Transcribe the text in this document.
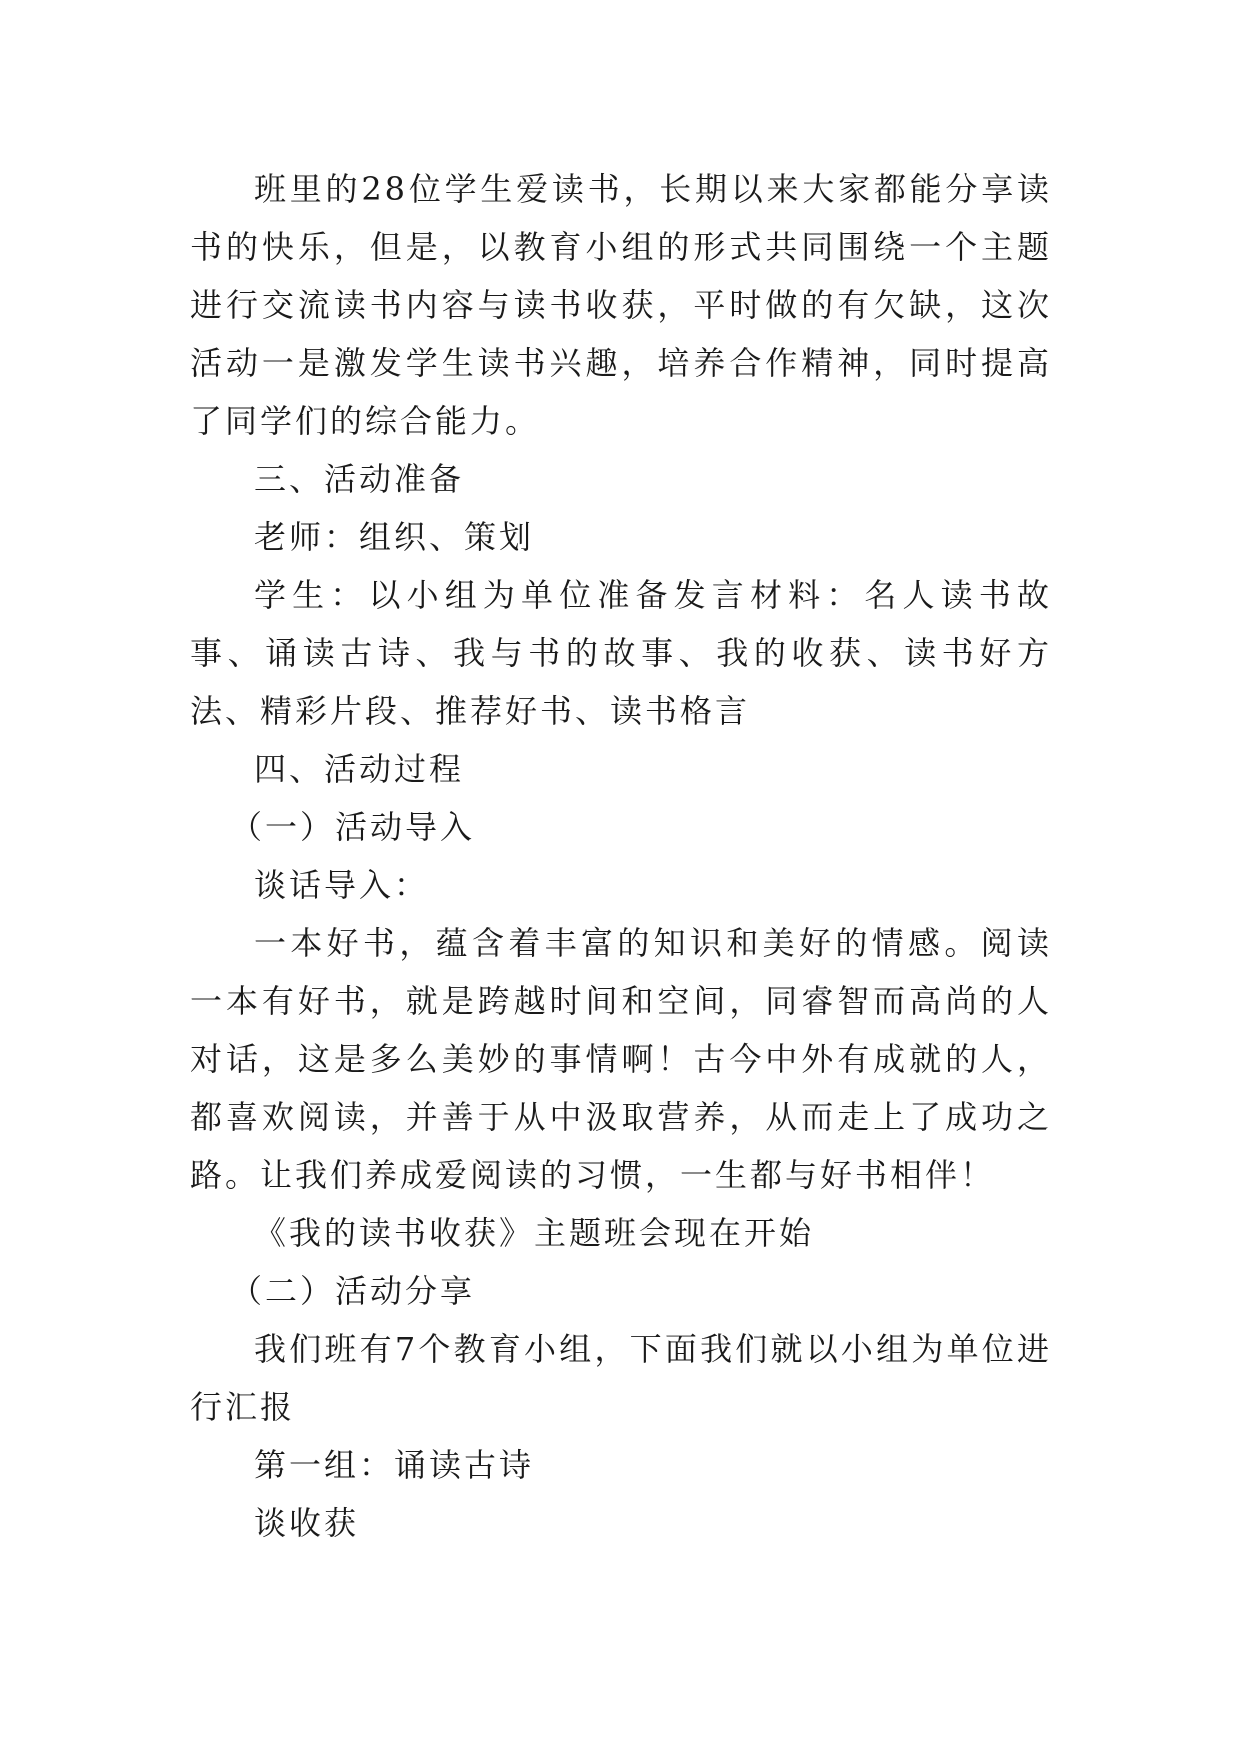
班里的28位学生爱读书，长期以来大家都能分享读书的快乐，但是，以教育小组的形式共同围绕一个主题进行交流读书内容与读书收获，平时做的有欠缺，这次活动一是激发学生读书兴趣，培养合作精神，同时提高了同学们的综合能力。

三、活动准备

老师：组织、策划

学生：以小组为单位准备发言材料：名人读书故事、诵读古诗、我与书的故事、我的收获、读书好方法、精彩片段、推荐好书、读书格言

四、活动过程

（一）活动导入

谈话导入：

一本好书，蕴含着丰富的知识和美好的情感。阅读一本有好书，就是跨越时间和空间，同睿智而高尚的人对话，这是多么美妙的事情啊！古今中外有成就的人，都喜欢阅读，并善于从中汲取营养，从而走上了成功之路。让我们养成爱阅读的习惯，一生都与好书相伴！

《我的读书收获》主题班会现在开始

（二）活动分享

我们班有7个教育小组，下面我们就以小组为单位进行汇报

第一组：诵读古诗

谈收获
